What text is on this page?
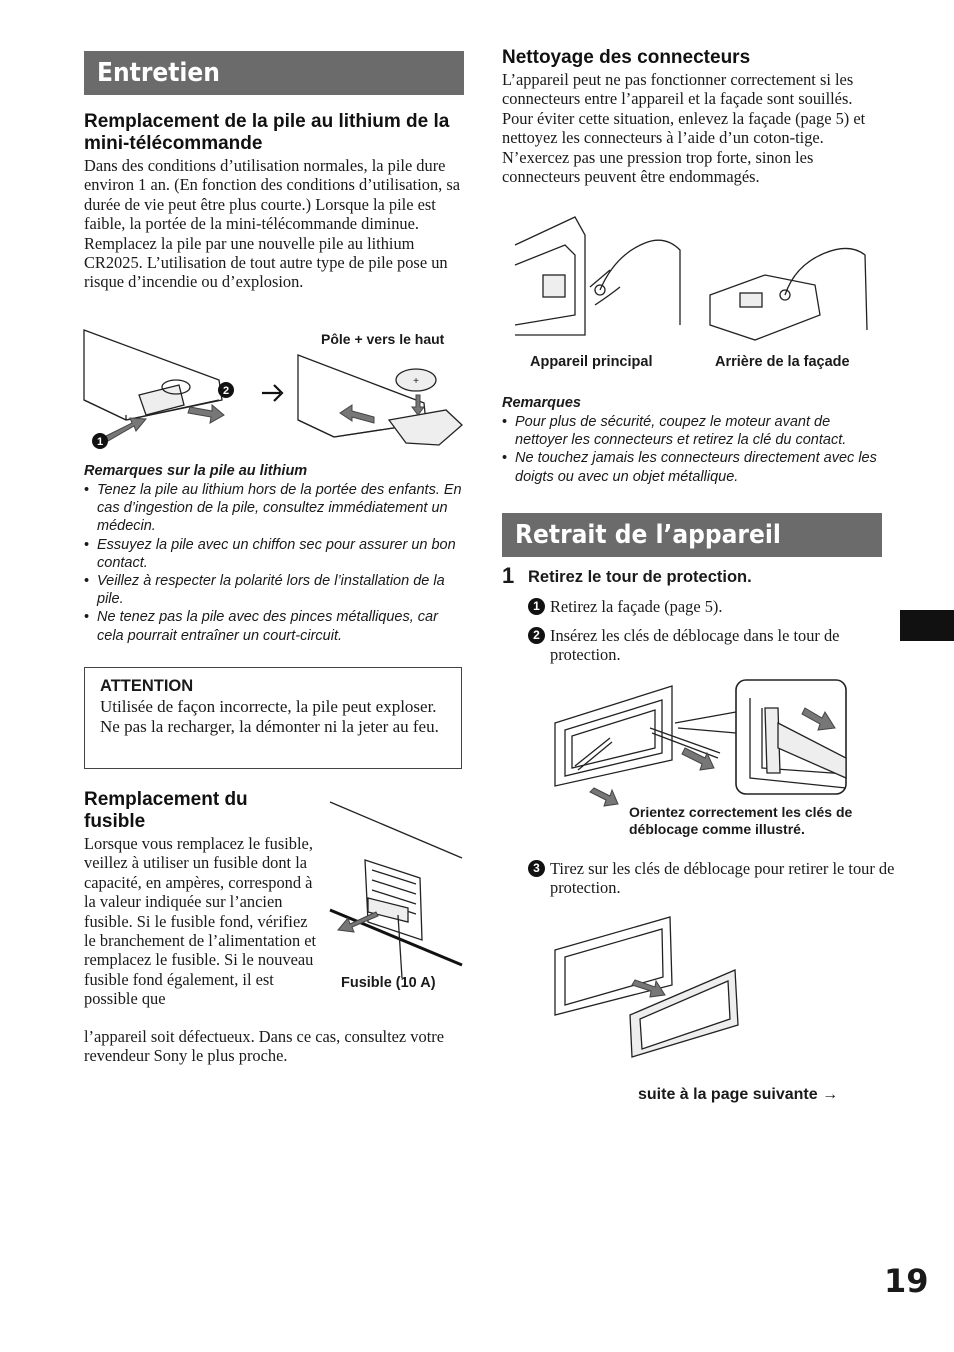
Entretien
Remplacement de la pile au lithium de la mini-télécommande
Dans des conditions d’utilisation normales, la pile dure environ 1 an. (En fonction des conditions d’utilisation, sa durée de vie peut être plus courte.) Lorsque la pile est faible, la portée de la mini-télécommande diminue. Remplacez la pile par une nouvelle pile au lithium CR2025. L’utilisation de tout autre type de pile pose un risque d’incendie ou d’explosion.
1
2
+
Pôle + vers le haut
Remarques sur la pile au lithium
• Tenez la pile au lithium hors de la portée des enfants. En cas d’ingestion de la pile, consultez immédiatement un médecin.
• Essuyez la pile avec un chiffon sec pour assurer un bon contact.
• Veillez à respecter la polarité lors de l’installation de la pile.
• Ne tenez pas la pile avec des pinces métalliques, car cela pourrait entraîner un court-circuit.
ATTENTION
Utilisée de façon incorrecte, la pile peut exploser. Ne pas la recharger, la démonter ni la jeter au feu.
Remplacement du fusible
Lorsque vous remplacez le fusible, veillez à utiliser un fusible dont la capacité, en ampères, correspond à la valeur indiquée sur l’ancien fusible. Si le fusible fond, vérifiez le branchement de l’alimentation et remplacez le fusible. Si le nouveau fusible fond également, il est possible que
l’appareil soit défectueux. Dans ce cas, consultez votre revendeur Sony le plus proche.
Fusible (10 A)
Nettoyage des connecteurs
L’appareil peut ne pas fonctionner correctement si les connecteurs entre l’appareil et la façade sont souillés. Pour éviter cette situation, enlevez la façade (page 5) et nettoyez les connecteurs à l’aide d’un coton-tige. N’exercez pas une pression trop forte, sinon les connecteurs peuvent être endommagés.
Appareil principal	Arrière de la façade
Remarques
• Pour plus de sécurité, coupez le moteur avant de nettoyer les connecteurs et retirez la clé du contact.
• Ne touchez jamais les connecteurs directement avec les doigts ou avec un objet métallique.
Retrait de l’appareil
1 Retirez le tour de protection.
1 Retirez la façade (page 5).
2 Insérez les clés de déblocage dans le tour de protection.
Orientez correctement les clés de déblocage comme illustré.
3 Tirez sur les clés de déblocage pour retirer le tour de protection.
suite à la page suivante →
19
